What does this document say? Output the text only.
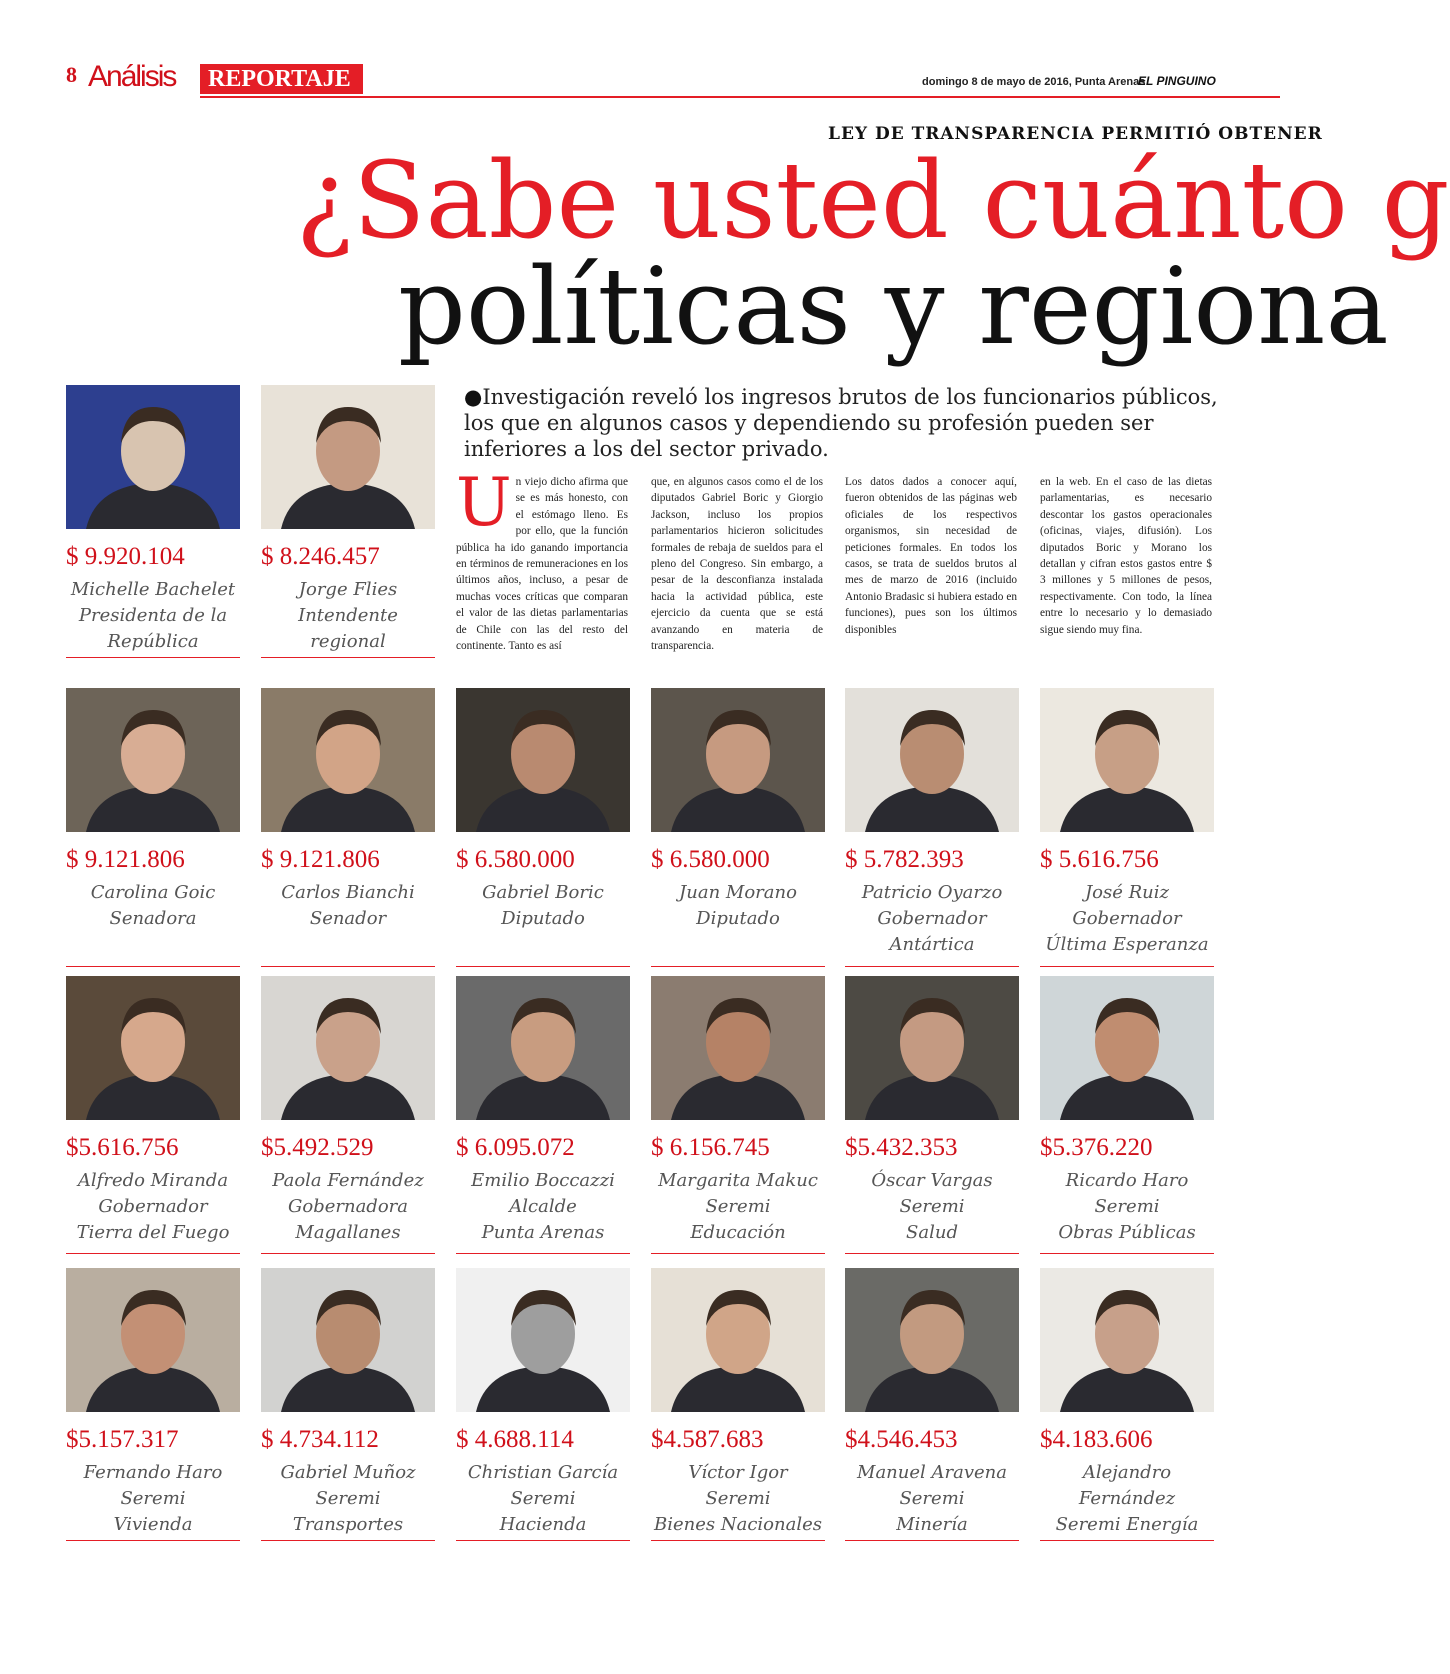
8 Análisis	REPORTAJE	domingo 8 de mayo de 2016, Punta Arenas
EL PINGUINO
LEY DE TRANSPARENCIA PERMITIÓ OBTENER
¿Sabe usted cuánto g
políticas y regiona
●Investigación reveló los ingresos brutos de los funcionarios públicos, los que en algunos casos y dependiendo su profesión pueden ser inferiores a los del sector privado.
Un viejo dicho afirma que se es más honesto, con el estómago lleno. Es por ello, que la función pública ha ido ganando importancia en términos de remuneraciones en los últimos años, incluso, a pesar de muchas voces críticas que comparan el valor de las dietas parlamentarias de Chile con las del resto del continente. Tanto es así
que, en algunos casos como el de los diputados Gabriel Boric y Giorgio Jackson, incluso los propios parlamentarios hicieron solicitudes formales de rebaja de sueldos para el pleno del Congreso. Sin embargo, a pesar de la desconfianza instalada hacia la actividad pública, este ejercicio da cuenta que se está avanzando en materia de transparencia.
Los datos dados a conocer aquí, fueron obtenidos de las páginas web oficiales de los respectivos organismos, sin necesidad de peticiones formales. En todos los casos, se trata de sueldos brutos al mes de marzo de 2016 (incluido Antonio Bradasic si hubiera estado en funciones), pues son los últimos disponibles
en la web. En el caso de las dietas parlamentarias, es necesario descontar los gastos operacionales (oficinas, viajes, difusión). Los diputados Boric y Morano los detallan y cifran estos gastos entre $ 3 millones y 5 millones de pesos, respectivamente. Con todo, la línea entre lo necesario y lo demasiado sigue siendo muy fina.
$ 9.920.104
Michelle Bachelet
Presidenta de la
República
$ 8.246.457
Jorge Flies
Intendente
regional
$ 9.121.806
Carolina Goic
Senadora
$ 9.121.806
Carlos Bianchi
Senador
$ 6.580.000
Gabriel Boric
Diputado
$ 6.580.000
Juan Morano
Diputado
$ 5.782.393
Patricio Oyarzo
Gobernador
Antártica
$ 5.616.756
José Ruiz
Gobernador
Última Esperanza
$5.616.756
Alfredo Miranda
Gobernador
Tierra del Fuego
$5.492.529
Paola Fernández
Gobernadora
Magallanes
$ 6.095.072
Emilio Boccazzi
Alcalde
Punta Arenas
$ 6.156.745
Margarita Makuc
Seremi
Educación
$5.432.353
Óscar Vargas
Seremi
Salud
$5.376.220
Ricardo Haro
Seremi
Obras Públicas
$5.157.317
Fernando Haro
Seremi
Vivienda
$ 4.734.112
Gabriel Muñoz
Seremi
Transportes
$ 4.688.114
Christian García
Seremi
Hacienda
$4.587.683
Víctor Igor
Seremi
Bienes Nacionales
$4.546.453
Manuel Aravena
Seremi
Minería
$4.183.606
Alejandro
Fernández
Seremi Energía
